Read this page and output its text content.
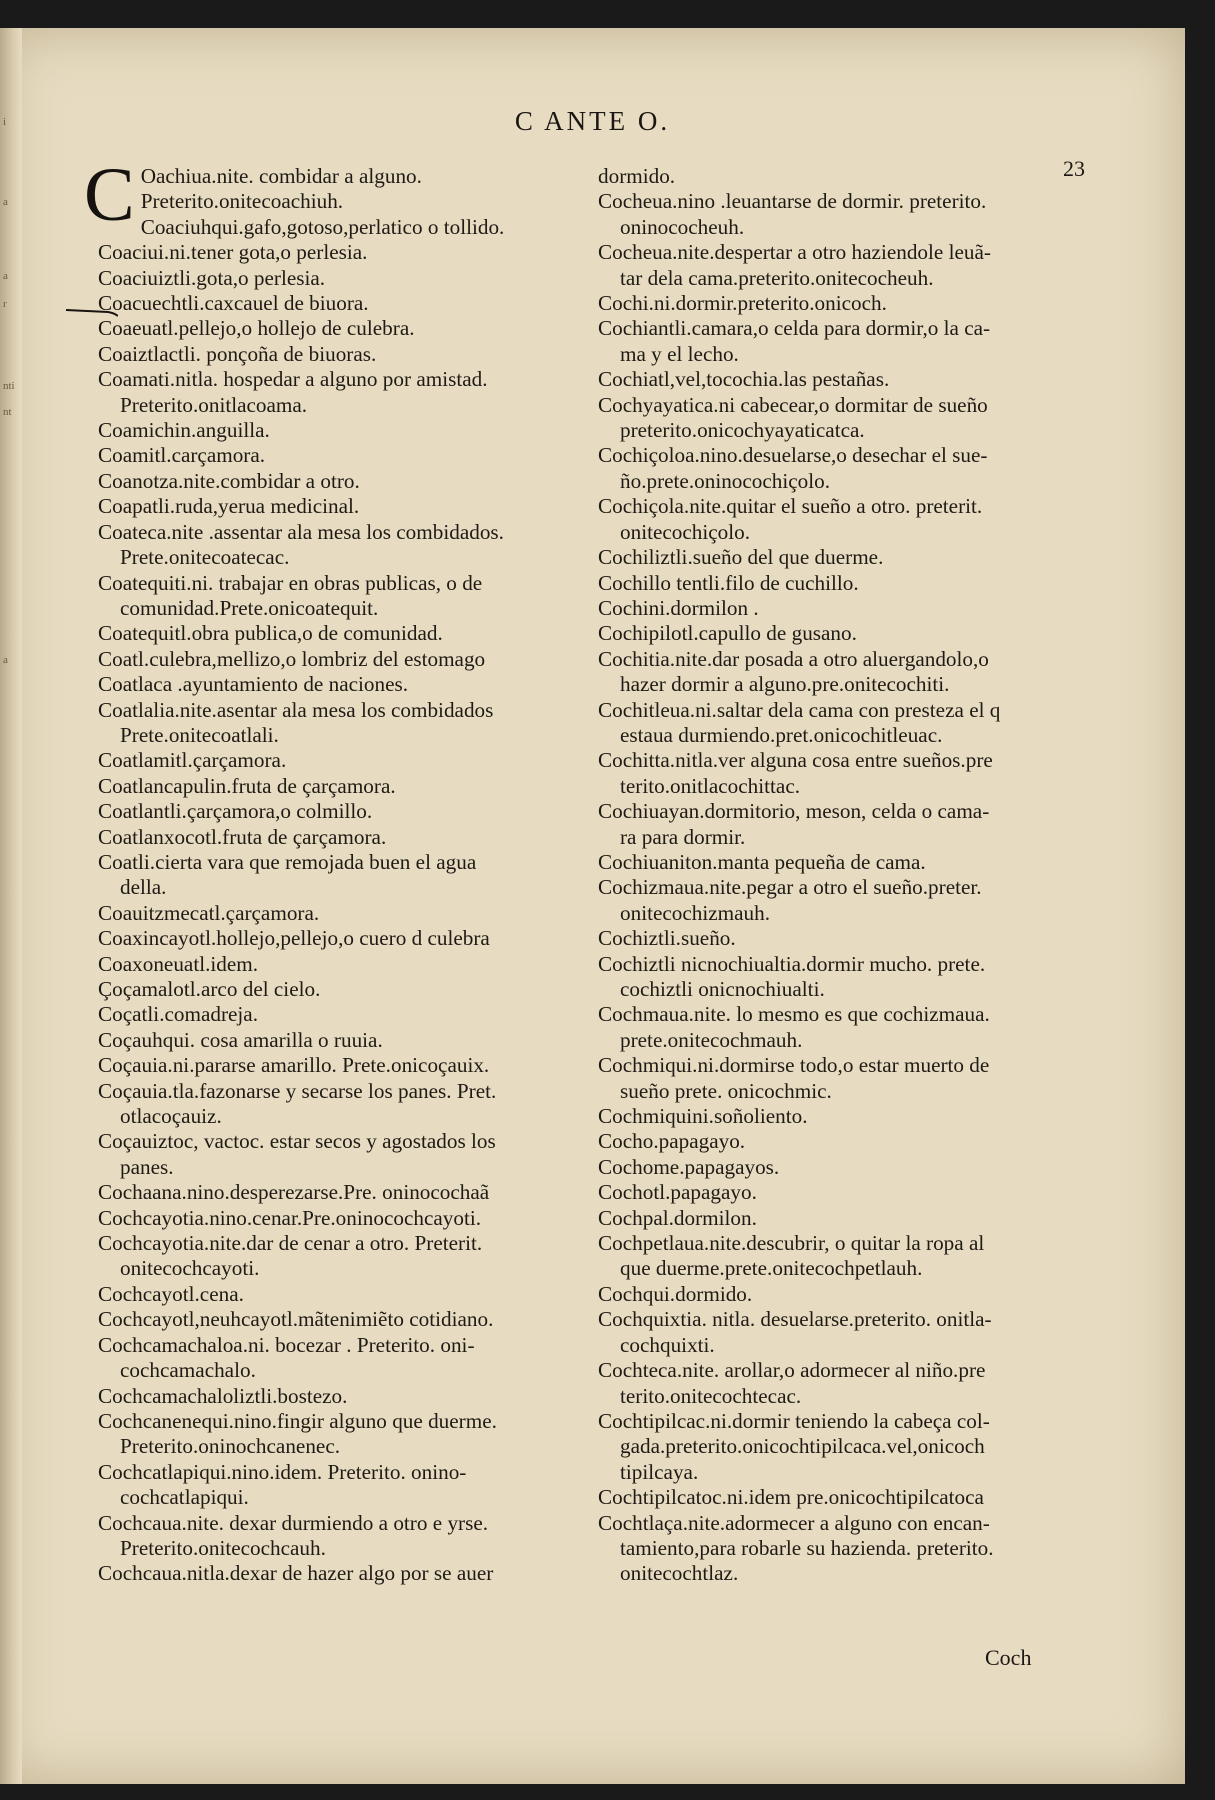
i
a
a
r
nti
nt
a
C ANTE O.
23
C Oachiua.nite. combidar a alguno.
Preterito.onitecoachiuh.
Coaciuhqui.gafo,gotoso,perlatico o tollido.
Coaciui.ni.tener gota,o perlesia.
Coaciuiztli.gota,o perlesia.
Coacuechtli.caxcauel de biuora.
Coaeuatl.pellejo,o hollejo de culebra.
Coaiztlactli. ponçoña de biuoras.
Coamati.nitla. hospedar a alguno por amistad.
Preterito.onitlacoama.
Coamichin.anguilla.
Coamitl.carçamora.
Coanotza.nite.combidar a otro.
Coapatli.ruda,yerua medicinal.
Coateca.nite .assentar ala mesa los combidados.
Prete.onitecoatecac.
Coatequiti.ni. trabajar en obras publicas, o de
comunidad.Prete.onicoatequit.
Coatequitl.obra publica,o de comunidad.
Coatl.culebra,mellizo,o lombriz del estomago
Coatlaca .ayuntamiento de naciones.
Coatlalia.nite.asentar ala mesa los combidados
Prete.onitecoatlali.
Coatlamitl.çarçamora.
Coatlancapulin.fruta de çarçamora.
Coatlantli.çarçamora,o colmillo.
Coatlanxocotl.fruta de çarçamora.
Coatli.cierta vara que remojada buen el agua
della.
Coauitzmecatl.çarçamora.
Coaxincayotl.hollejo,pellejo,o cuero d culebra
Coaxoneuatl.idem.
Çoçamalotl.arco del cielo.
Coçatli.comadreja.
Coçauhqui. cosa amarilla o ruuia.
Coçauia.ni.pararse amarillo. Prete.onicoçauix.
Coçauia.tla.fazonarse y secarse los panes. Pret.
otlacoçauiz.
Coçauiztoc, vactoc. estar secos y agostados los
panes.
Cochaana.nino.desperezarse.Pre. oninocochaã
Cochcayotia.nino.cenar.Pre.oninocochcayoti.
Cochcayotia.nite.dar de cenar a otro. Preterit.
onitecochcayoti.
Cochcayotl.cena.
Cochcayotl,neuhcayotl.mãtenimiẽto cotidiano.
Cochcamachaloa.ni. bocezar . Preterito. oni-
cochcamachalo.
Cochcamachaloliztli.bostezo.
Cochcanenequi.nino.fingir alguno que duerme.
Preterito.oninochcanenec.
Cochcatlapiqui.nino.idem. Preterito. onino-
cochcatlapiqui.
Cochcaua.nite. dexar durmiendo a otro e yrse.
Preterito.onitecochcauh.
Cochcaua.nitla.dexar de hazer algo por se auer
dormido.
Cocheua.nino .leuantarse de dormir. preterito.
oninococheuh.
Cocheua.nite.despertar a otro haziendole leuã-
tar dela cama.preterito.onitecocheuh.
Cochi.ni.dormir.preterito.onicoch.
Cochiantli.camara,o celda para dormir,o la ca-
ma y el lecho.
Cochiatl,vel,tocochia.las pestañas.
Cochyayatica.ni cabecear,o dormitar de sueño
preterito.onicochyayaticatca.
Cochiçoloa.nino.desuelarse,o desechar el sue-
ño.prete.oninocochiçolo.
Cochiçola.nite.quitar el sueño a otro. preterit.
onitecochiçolo.
Cochiliztli.sueño del que duerme.
Cochillo tentli.filo de cuchillo.
Cochini.dormilon .
Cochipilotl.capullo de gusano.
Cochitia.nite.dar posada a otro aluergandolo,o
hazer dormir a alguno.pre.onitecochiti.
Cochitleua.ni.saltar dela cama con presteza el q
estaua durmiendo.pret.onicochitleuac.
Cochitta.nitla.ver alguna cosa entre sueños.pre
terito.onitlacochittac.
Cochiuayan.dormitorio, meson, celda o cama-
ra para dormir.
Cochiuaniton.manta pequeña de cama.
Cochizmaua.nite.pegar a otro el sueño.preter.
onitecochizmauh.
Cochiztli.sueño.
Cochiztli nicnochiualtia.dormir mucho. prete.
cochiztli onicnochiualti.
Cochmaua.nite. lo mesmo es que cochizmaua.
prete.onitecochmauh.
Cochmiqui.ni.dormirse todo,o estar muerto de
sueño prete. onicochmic.
Cochmiquini.soñoliento.
Cocho.papagayo.
Cochome.papagayos.
Cochotl.papagayo.
Cochpal.dormilon.
Cochpetlaua.nite.descubrir, o quitar la ropa al
que duerme.prete.onitecochpetlauh.
Cochqui.dormido.
Cochquixtia. nitla. desuelarse.preterito. onitla-
cochquixti.
Cochteca.nite. arollar,o adormecer al niño.pre
terito.onitecochtecac.
Cochtipilcac.ni.dormir teniendo la cabeça col-
gada.preterito.onicochtipilcaca.vel,onicoch
tipilcaya.
Cochtipilcatoc.ni.idem pre.onicochtipilcatoca
Cochtlaça.nite.adormecer a alguno con encan-
tamiento,para robarle su hazienda. preterito.
onitecochtlaz.
Coch
